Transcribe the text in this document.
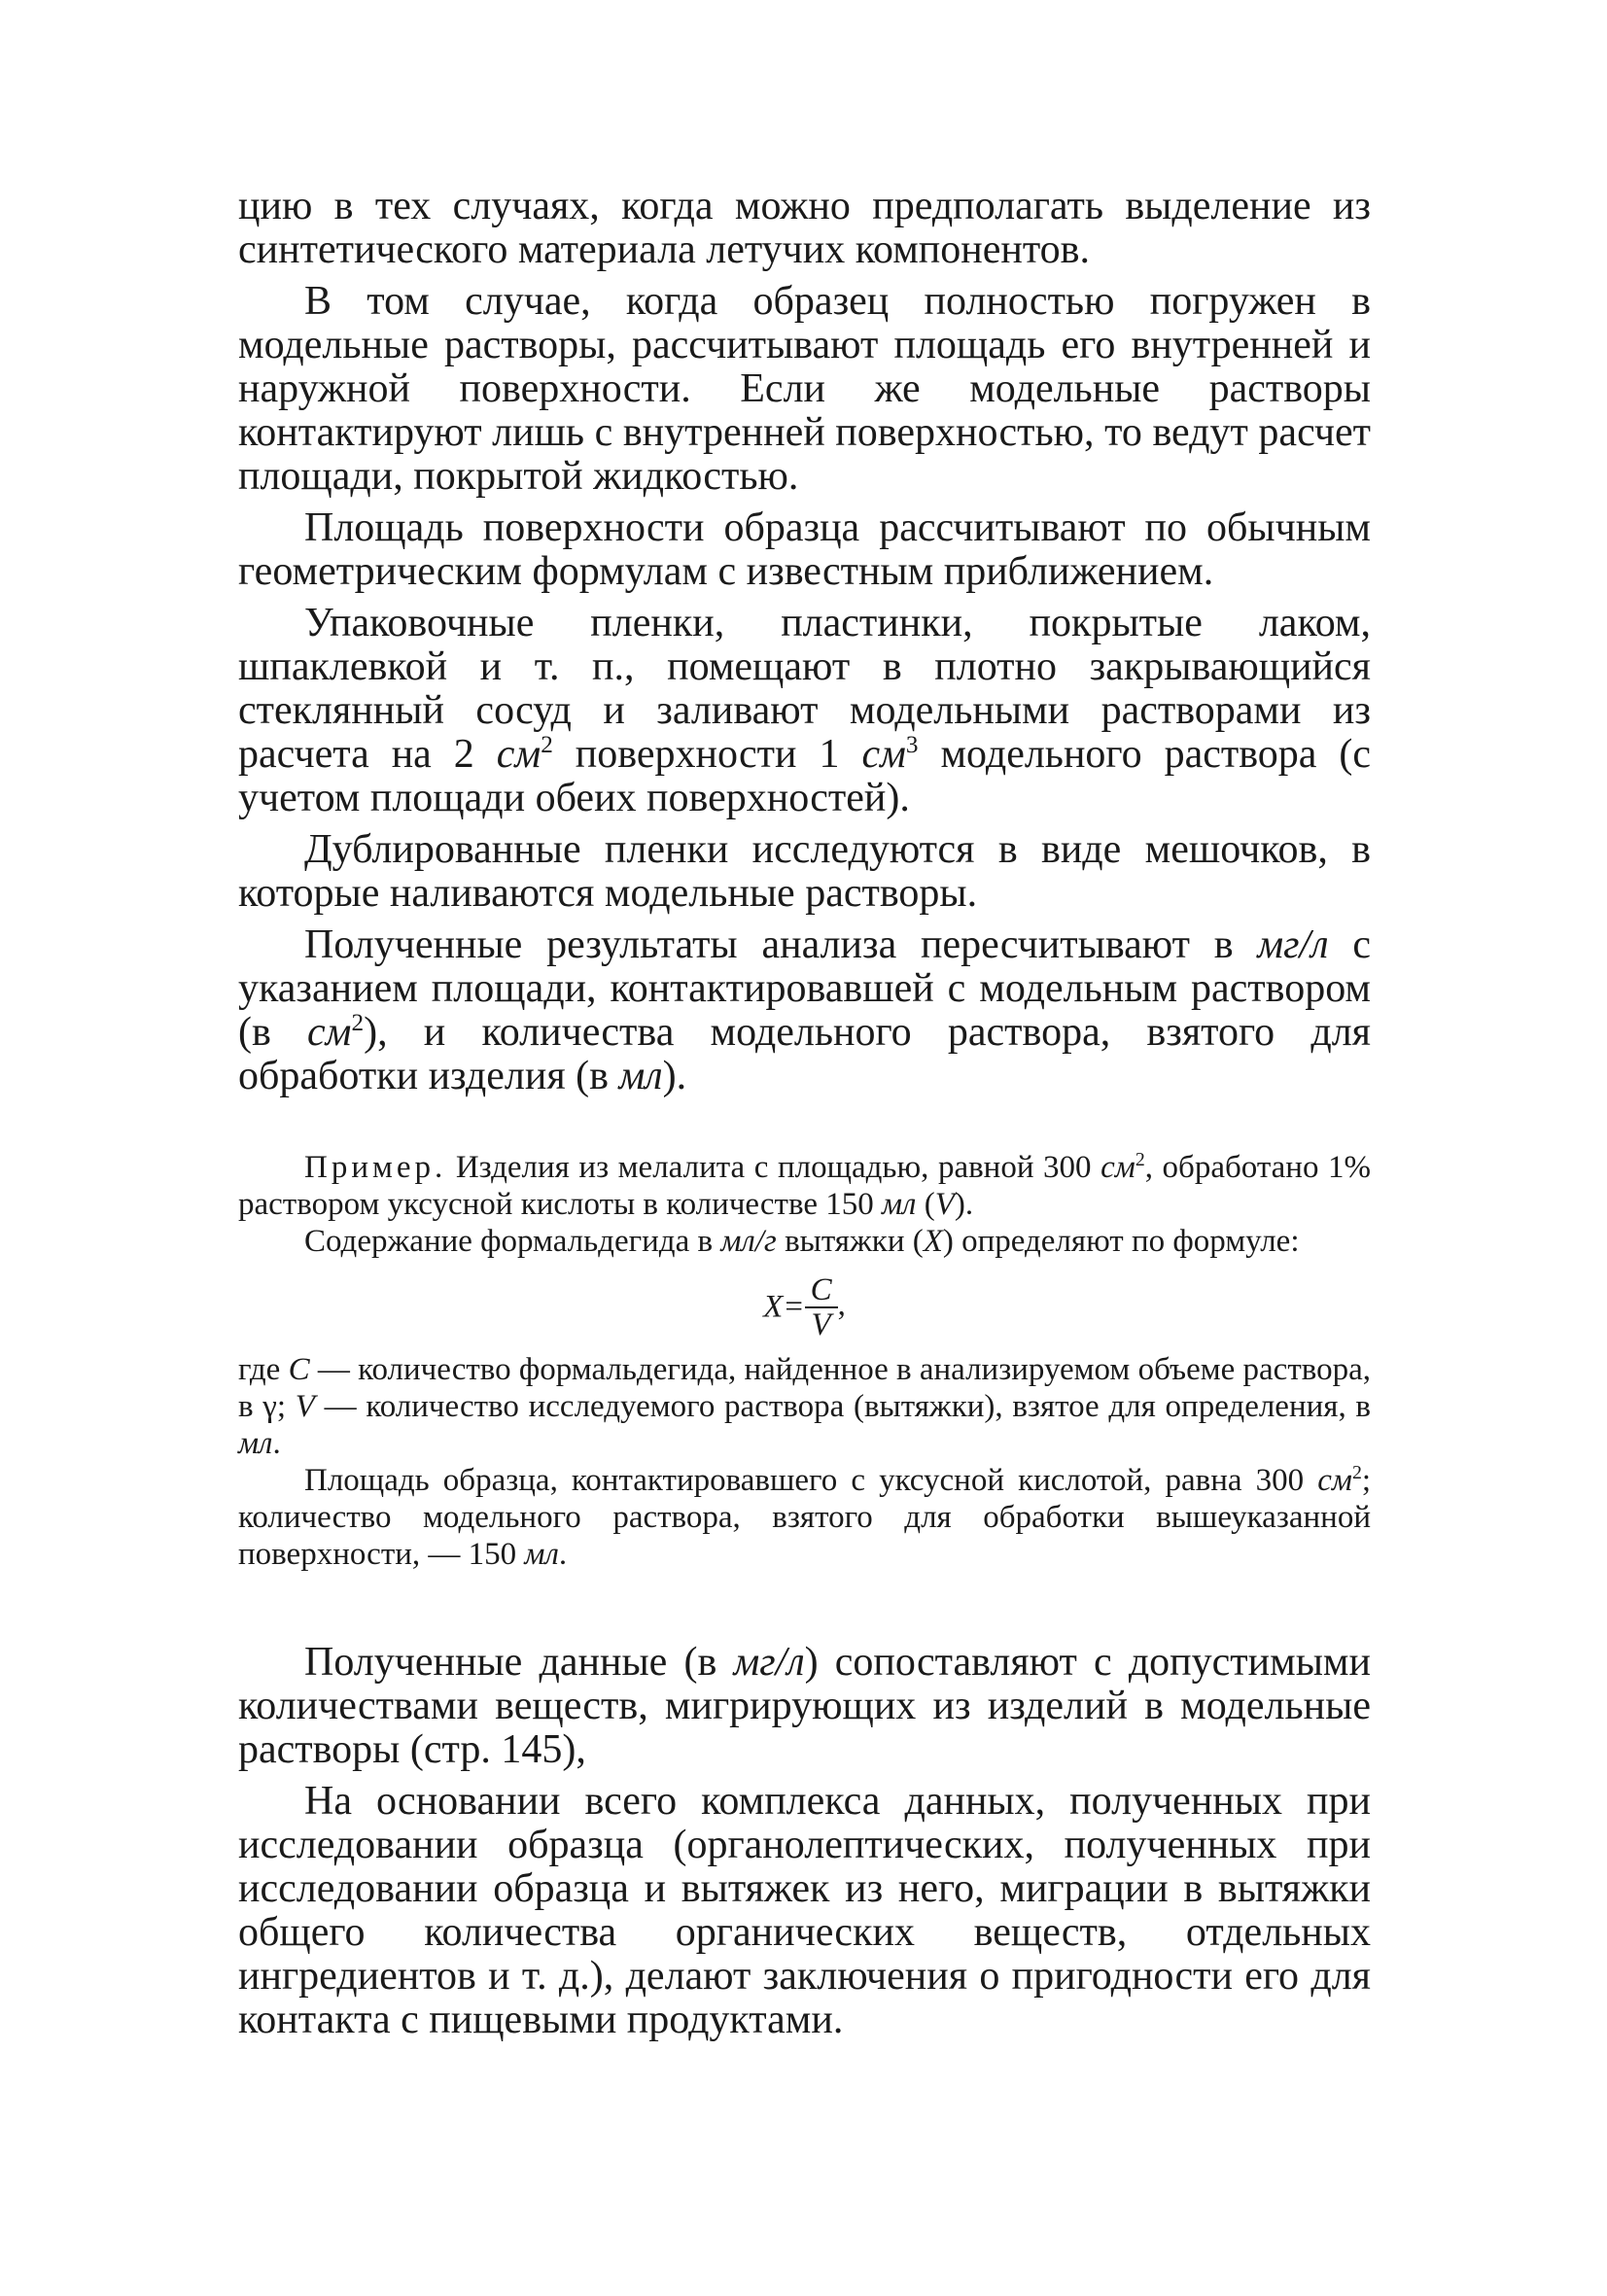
цию в тех случаях, когда можно предполагать выделение из синтетического материала летучих компонентов.

В том случае, когда образец полностью погружен в модельные растворы, рассчитывают площадь его внутренней и наружной поверхности. Если же модельные растворы контактируют лишь с внутренней поверхностью, то ведут расчет площади, покрытой жидкостью.

Площадь поверхности образца рассчитывают по обычным геометрическим формулам с известным приближением.

Упаковочные пленки, пластинки, покрытые лаком, шпаклевкой и т. п., помещают в плотно закрывающийся стеклянный сосуд и заливают модельными растворами из расчета на 2 $см^2$ поверхности 1 $см^3$ модельного раствора (с учетом площади обеих поверхностей).

Дублированные пленки исследуются в виде мешочков, в которые наливаются модельные растворы.

Полученные результаты анализа пересчитывают в мг/л с указанием площади, контактировавшей с модельным раствором (в $см^2$), и количества модельного раствора, взятого для обработки изделия (в мл).

Пример. Изделия из мелалита с площадью, равной 300 $см^2$, обработано 1% раствором уксусной кислоты в количестве 150 мл (V).

Содержание формальдегида в мл/г вытяжки (X) определяют по формуле:

$X= \frac{C}{V}$ ,

где C — количество формальдегида, найденное в анализируемом объеме раствора, в γ; V — количество исследуемого раствора (вытяжки), взятое для определения, в мл.

Площадь образца, контактировавшего с уксусной кислотой, равна 300 $см^2$; количество модельного раствора, взятого для обработки вышеуказанной поверхности, — 150 мл.

Полученные данные (в мг/л) сопоставляют с допустимыми количествами веществ, мигрирующих из изделий в модельные растворы (стр. 145),

На основании всего комплекса данных, полученных при исследовании образца (органолептических, полученных при исследовании образца и вытяжек из него, миграции в вытяжки общего количества органических веществ, отдельных ингредиентов и т. д.), делают заключения о пригодности его для контакта с пищевыми продуктами.
